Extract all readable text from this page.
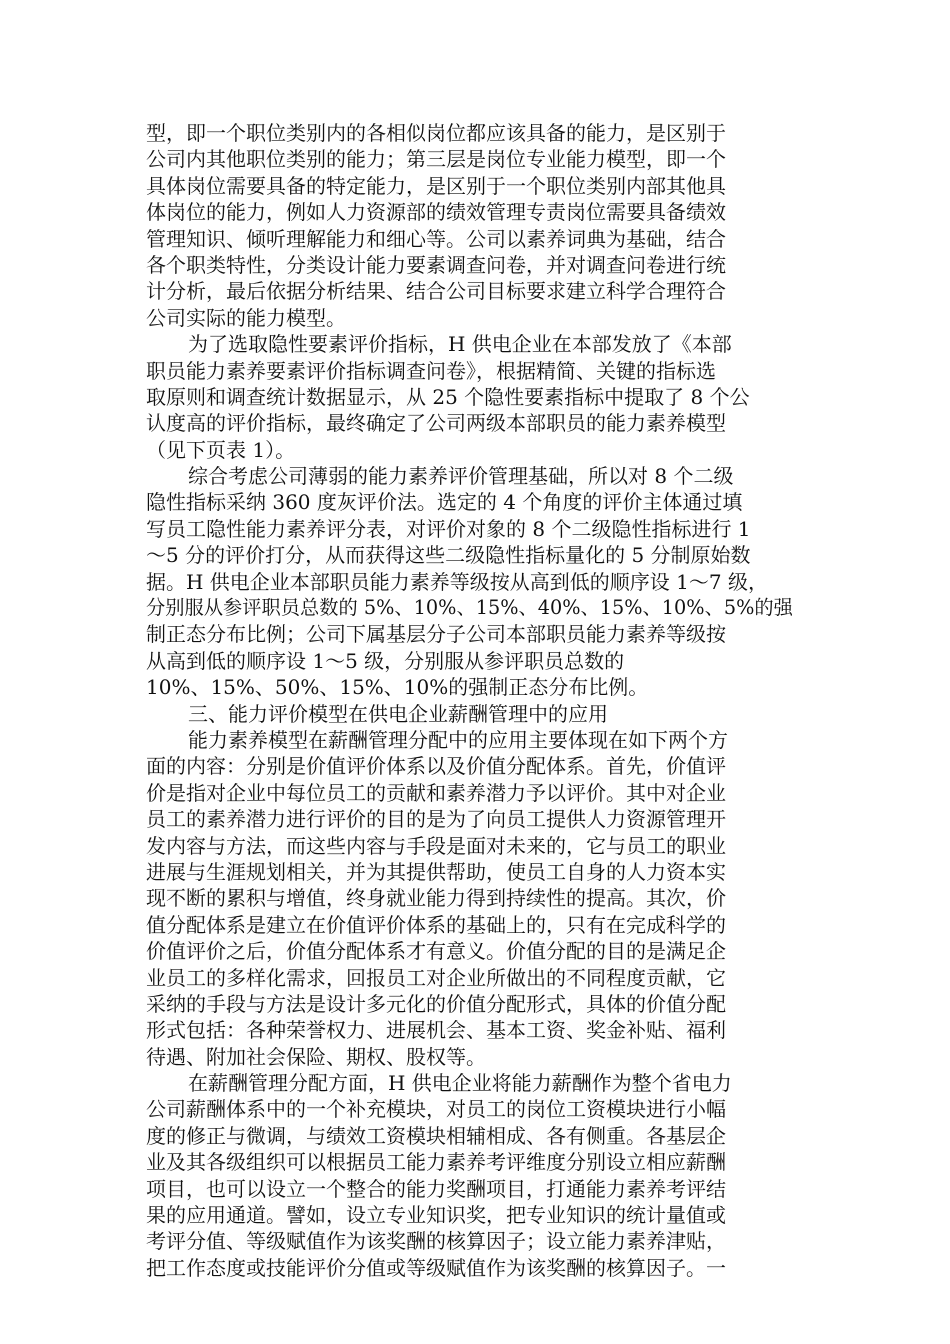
型，即一个职位类别内的各相似岗位都应该具备的能力，是区别于
公司内其他职位类别的能力；第三层是岗位专业能力模型，即一个
具体岗位需要具备的特定能力，是区别于一个职位类别内部其他具
体岗位的能力，例如人力资源部的绩效管理专责岗位需要具备绩效
管理知识、倾听理解能力和细心等。公司以素养词典为基础，结合
各个职类特性，分类设计能力要素调查问卷，并对调查问卷进行统
计分析，最后依据分析结果、结合公司目标要求建立科学合理符合
公司实际的能力模型。
为了选取隐性要素评价指标，H 供电企业在本部发放了《本部
职员能力素养要素评价指标调查问卷》，根据精简、关键的指标选
取原则和调查统计数据显示，从 25 个隐性要素指标中提取了 8 个公
认度高的评价指标，最终确定了公司两级本部职员的能力素养模型
（见下页表 1）。
综合考虑公司薄弱的能力素养评价管理基础，所以对 8 个二级
隐性指标采纳 360 度灰评价法。选定的 4 个角度的评价主体通过填
写员工隐性能力素养评分表，对评价对象的 8 个二级隐性指标进行 1
～5 分的评价打分，从而获得这些二级隐性指标量化的 5 分制原始数
据。H 供电企业本部职员能力素养等级按从高到低的顺序设 1～7 级，
分别服从参评职员总数的 5%、10%、15%、40%、15%、10%、5%的强
制正态分布比例；公司下属基层分子公司本部职员能力素养等级按
从高到低的顺序设 1～5 级，分别服从参评职员总数的
10%、15%、50%、15%、10%的强制正态分布比例。
三、能力评价模型在供电企业薪酬管理中的应用
能力素养模型在薪酬管理分配中的应用主要体现在如下两个方
面的内容：分别是价值评价体系以及价值分配体系。首先，价值评
价是指对企业中每位员工的贡献和素养潜力予以评价。其中对企业
员工的素养潜力进行评价的目的是为了向员工提供人力资源管理开
发内容与方法，而这些内容与手段是面对未来的，它与员工的职业
进展与生涯规划相关，并为其提供帮助，使员工自身的人力资本实
现不断的累积与增值，终身就业能力得到持续性的提高。其次，价
值分配体系是建立在价值评价体系的基础上的，只有在完成科学的
价值评价之后，价值分配体系才有意义。价值分配的目的是满足企
业员工的多样化需求，回报员工对企业所做出的不同程度贡献，它
采纳的手段与方法是设计多元化的价值分配形式，具体的价值分配
形式包括：各种荣誉权力、进展机会、基本工资、奖金补贴、福利
待遇、附加社会保险、期权、股权等。
在薪酬管理分配方面，H 供电企业将能力薪酬作为整个省电力
公司薪酬体系中的一个补充模块，对员工的岗位工资模块进行小幅
度的修正与微调，与绩效工资模块相辅相成、各有侧重。各基层企
业及其各级组织可以根据员工能力素养考评维度分别设立相应薪酬
项目，也可以设立一个整合的能力奖酬项目，打通能力素养考评结
果的应用通道。譬如，设立专业知识奖，把专业知识的统计量值或
考评分值、等级赋值作为该奖酬的核算因子；设立能力素养津贴，
把工作态度或技能评价分值或等级赋值作为该奖酬的核算因子。一
